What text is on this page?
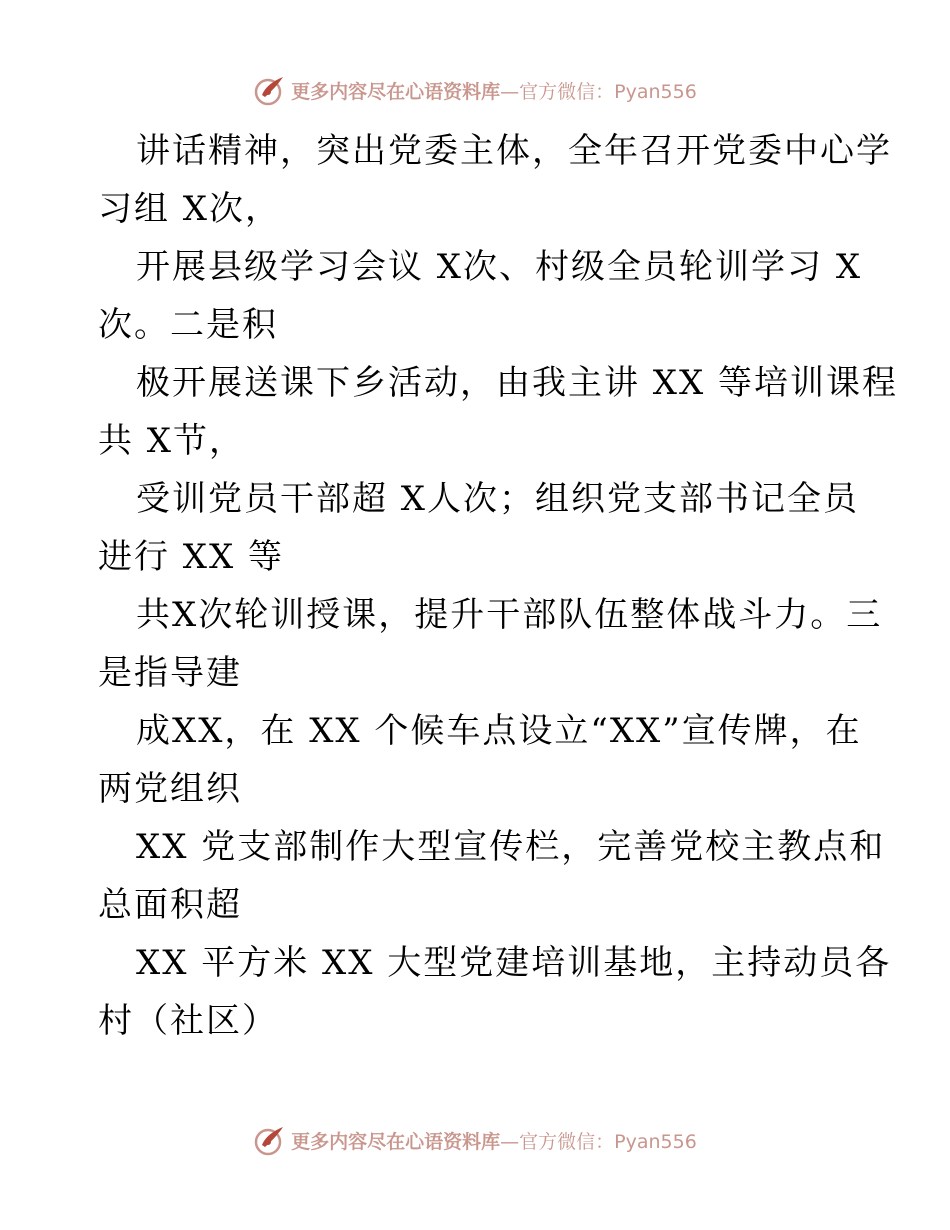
更多内容尽在心语资料库 —官方微信：Pyan556
讲话精神，突出党委主体，全年召开党委中心学
习组 X次，
开展县级学习会议 X次、村级全员轮训学习 X
次。二是积
极开展送课下乡活动，由我主讲 XX 等培训课程
共 X节，
受训党员干部超 X人次；组织党支部书记全员
进行 XX 等
共X次轮训授课，提升干部队伍整体战斗力。三
是指导建
成XX，在 XX 个候车点设立“XX”宣传牌，在
两党组织
XX 党支部制作大型宣传栏，完善党校主教点和
总面积超
XX 平方米 XX 大型党建培训基地，主持动员各
村（社区）
更多内容尽在心语资料库 —官方微信：Pyan556
